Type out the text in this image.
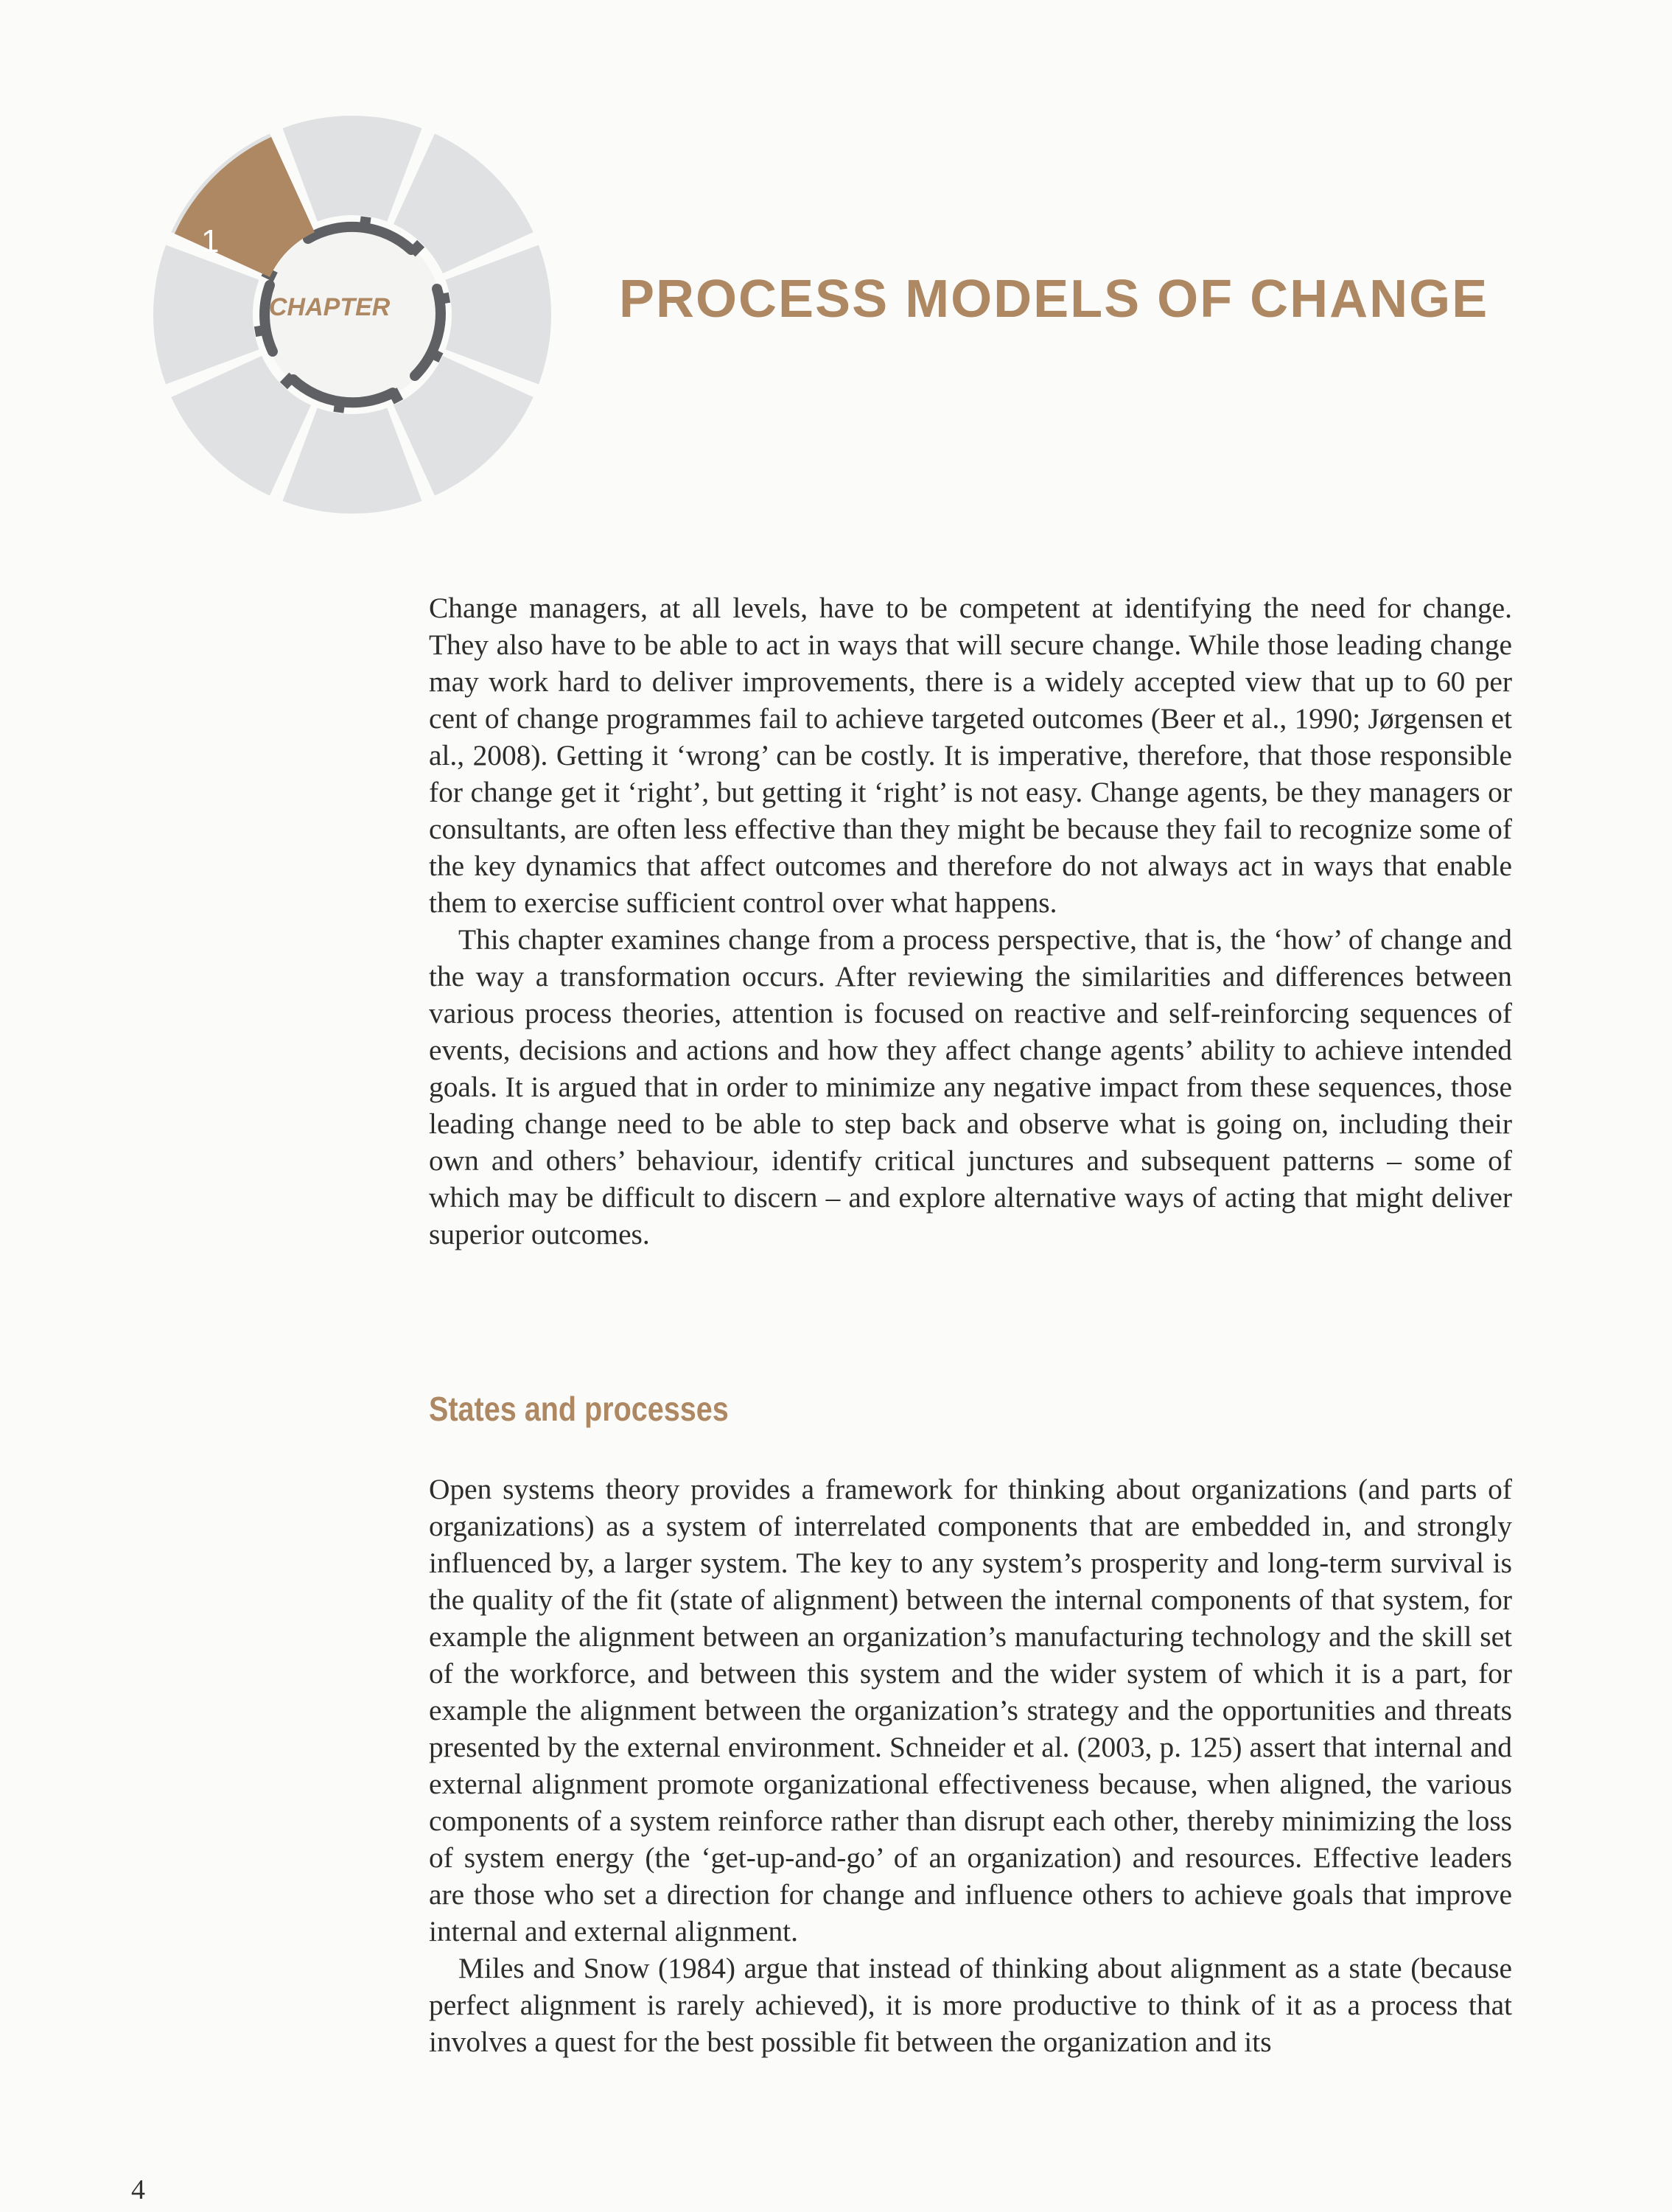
1
CHAPTER	PROCESS MODELS OF CHANGE

Change managers, at all levels, have to be competent at identifying the need for change. They also have to be able to act in ways that will secure change. While those leading change may work hard to deliver improvements, there is a widely accepted view that up to 60 per cent of change programmes fail to achieve targeted outcomes (Beer et al., 1990; Jørgensen et al., 2008). Getting it ‘wrong’ can be costly. It is imperative, therefore, that those responsible for change get it ‘right’, but getting it ‘right’ is not easy. Change agents, be they managers or consultants, are often less effective than they might be because they fail to recognize some of the key dynamics that affect outcomes and therefore do not always act in ways that enable them to exercise sufficient control over what happens.

This chapter examines change from a process perspective, that is, the ‘how’ of change and the way a transformation occurs. After reviewing the similarities and differences between various process theories, attention is focused on reactive and self-reinforcing sequences of events, decisions and actions and how they affect change agents’ ability to achieve intended goals. It is argued that in order to minimize any negative impact from these sequences, those leading change need to be able to step back and observe what is going on, including their own and others’ behaviour, identify critical junctures and subsequent patterns – some of which may be difficult to discern – and explore alternative ways of acting that might deliver superior outcomes.

States and processes

Open systems theory provides a framework for thinking about organizations (and parts of organizations) as a system of interrelated components that are embedded in, and strongly influenced by, a larger system. The key to any system’s prosperity and long-term survival is the quality of the fit (state of alignment) between the internal components of that system, for example the alignment between an organization’s manufacturing technology and the skill set of the workforce, and between this system and the wider system of which it is a part, for example the alignment between the organization’s strategy and the opportunities and threats presented by the external environment. Schneider et al. (2003, p. 125) assert that internal and external alignment promote organizational effectiveness because, when aligned, the various components of a system reinforce rather than disrupt each other, thereby minimizing the loss of system energy (the ‘get-up-and-go’ of an organization) and resources. Effective leaders are those who set a direction for change and influence others to achieve goals that improve internal and external alignment.

Miles and Snow (1984) argue that instead of thinking about alignment as a state (because perfect alignment is rarely achieved), it is more productive to think of it as a process that involves a quest for the best possible fit between the organization and its

4
